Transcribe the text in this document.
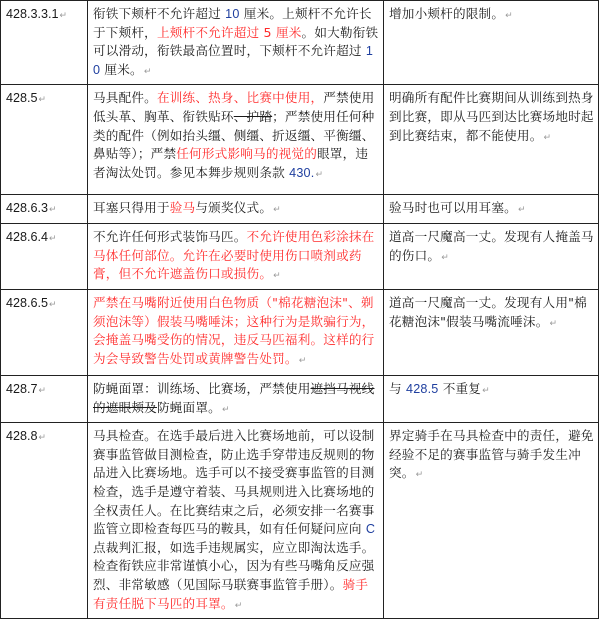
428.3.3.1↵	衔铁下颊杆不允许超过 10 厘米。上颊杆不允许长于下颊杆，上颊杆不允许超过 5 厘米。如大勒衔铁可以滑动，衔铁最高位置时，下颊杆不允许超过 10 厘米。↵	增加小颊杆的限制。↵
428.5↵	马具配件。在训练、热身、比赛中使用，严禁使用低头革、胸革、衔铁贴环、护踏；严禁使用任何种类的配件（例如抬头缰、侧缰、折返缰、平衡缰、鼻贴等）；严禁任何形式影响马的视觉的眼罩，违者淘汰处罚。参见本舞步规则条款 430.↵	明确所有配件比赛期间从训练到热身到比赛，即从马匹到达比赛场地时起到比赛结束，都不能使用。↵
428.6.3↵	耳塞只得用于验马与颁奖仪式。↵	验马时也可以用耳塞。↵
428.6.4↵	不允许任何形式装饰马匹。不允许使用色彩涂抹在马体任何部位。允许在必要时使用伤口喷剂或药膏，但不允许遮盖伤口或损伤。↵	道高一尺魔高一丈。发现有人掩盖马的伤口。↵
428.6.5↵	严禁在马嘴附近使用白色物质（"棉花糖泡沫"、剃须泡沫等）假装马嘴唾沫；这种行为是欺骗行为，会掩盖马嘴受伤的情况，违反马匹福利。这样的行为会导致警告处罚或黄牌警告处罚。↵	道高一尺魔高一丈。发现有人用"棉花糖泡沫"假装马嘴流唾沫。↵
428.7↵	防蝇面罩：训练场、比赛场，严禁使用遮挡马视线的遮眼颊及防蝇面罩。↵	与 428.5 不重复↵
428.8↵	马具检查。在选手最后进入比赛场地前，可以设制赛事监管做目测检查，防止选手穿带违反规则的物品进入比赛场地。选手可以不接受赛事监管的目测检查，选手是遵守着装、马具规则进入比赛场地的全权责任人。在比赛结束之后，必须安排一名赛事监管立即检查每匹马的鞍具，如有任何疑问应向 C 点裁判汇报，如选手违规属实，应立即淘汰选手。检查衔铁应非常谨慎小心，因为有些马嘴角反应强烈、非常敏感（见国际马联赛事监管手册）。骑手有责任脱下马匹的耳罩。↵	界定骑手在马具检查中的责任，避免经验不足的赛事监管与骑手发生冲突。↵
